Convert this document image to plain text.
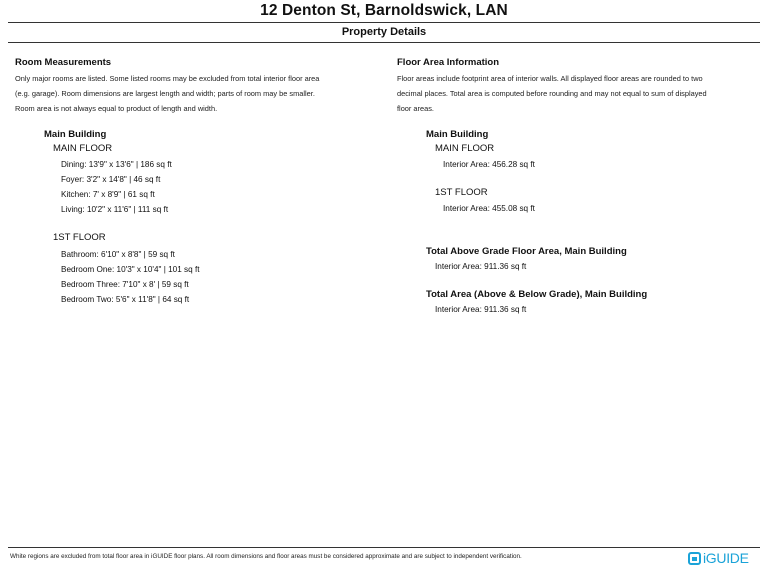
12 Denton St, Barnoldswick, LAN
Property Details
Room Measurements
Only major rooms are listed. Some listed rooms may be excluded from total interior floor area
(e.g. garage). Room dimensions are largest length and width; parts of room may be smaller.
Room area is not always equal to product of length and width.
Main Building
MAIN FLOOR
Dining: 13'9" x 13'6" | 186 sq ft
Foyer: 3'2" x 14'8" | 46 sq ft
Kitchen: 7' x 8'9" | 61 sq ft
Living: 10'2" x 11'6" | 111 sq ft
1ST FLOOR
Bathroom: 6'10" x 8'8" | 59 sq ft
Bedroom One: 10'3" x 10'4" | 101 sq ft
Bedroom Three: 7'10" x 8' | 59 sq ft
Bedroom Two: 5'6" x 11'8" | 64 sq ft
Floor Area Information
Floor areas include footprint area of interior walls. All displayed floor areas are rounded to two
decimal places. Total area is computed before rounding and may not equal to sum of displayed
floor areas.
Main Building
MAIN FLOOR
Interior Area: 456.28 sq ft
1ST FLOOR
Interior Area: 455.08 sq ft
Total Above Grade Floor Area, Main Building
Interior Area: 911.36 sq ft
Total Area (Above & Below Grade), Main Building
Interior Area: 911.36 sq ft
White regions are excluded from total floor area in iGUIDE floor plans. All room dimensions and floor areas must be considered approximate and are subject to independent verification.	iGUIDE
